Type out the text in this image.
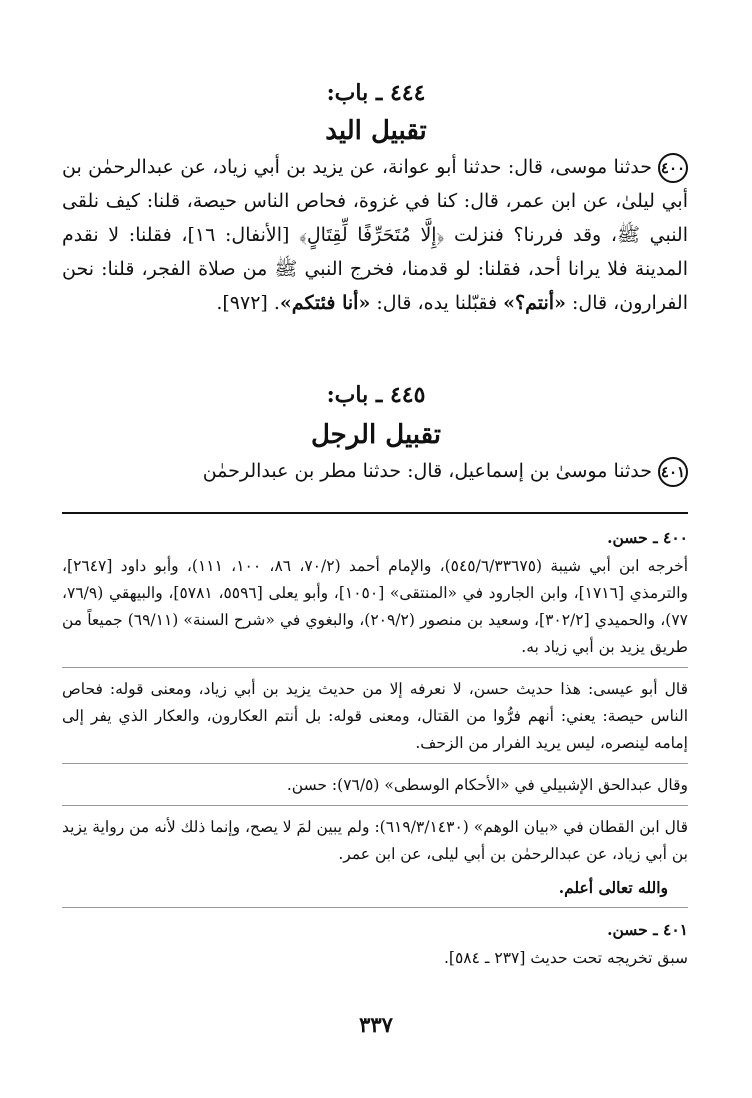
٤٤٤ ـ باب:
تقبيل اليد
٤٠٠حدثنا موسى، قال: حدثنا أبو عوانة، عن يزيد بن أبي زياد، عن عبدالرحمٰن بن أبي ليلىٰ، عن ابن عمر، قال: كنا في غزوة، فحاص الناس حيصة، قلنا: كيف نلقى النبي ﷺ، وقد فررنا؟ فنزلت ﴿إِلَّا مُتَحَرِّفًا لِّقِتَالٍ﴾ [الأنفال: ١٦]، فقلنا: لا نقدم المدينة فلا يرانا أحد، فقلنا: لو قدمنا، فخرج النبي ﷺ من صلاة الفجر، قلنا: نحن الفرارون، قال: «أنتم؟» فقبّلنا يده، قال: «أنا فئتكم». [٩٧٢].
٤٤٥ ـ باب:
تقبيل الرجل
٤٠١حدثنا موسىٰ بن إسماعيل، قال: حدثنا مطر بن عبدالرحمٰن

٤٠٠ ـ حسن.

أخرجه ابن أبي شيبة (٥٤٥/٦/٣٣٦٧٥)، والإمام أحمد (٧٠/٢، ٨٦، ١٠٠، ١١١)، وأبو داود [٢٦٤٧]، والترمذي [١٧١٦]، وابن الجارود في «المنتقى» [١٠٥٠]، وأبو يعلى [٥٥٩٦، ٥٧٨١]، والبيهقي (٧٦/٩، ٧٧)، والحميدي [٣٠٢/٢]، وسعيد بن منصور (٢٠٩/٢)، والبغوي في «شرح السنة» (٦٩/١١) جميعاً من طريق يزيد بن أبي زياد به.

قال أبو عيسى: هذا حديث حسن، لا نعرفه إلا من حديث يزيد بن أبي زياد، ومعنى قوله: فحاص الناس حيصة: يعني: أنهم فرُّوا من القتال، ومعنى قوله: بل أنتم العكارون، والعكار الذي يفر إلى إمامه لينصره، ليس يريد الفرار من الزحف.

وقال عبدالحق الإشبيلي في «الأحكام الوسطى» (٧٦/٥): حسن.

قال ابن القطان في «بيان الوهم» (٦١٩/٣/١٤٣٠): ولم يبين لمَ لا يصح، وإنما ذلك لأنه من رواية يزيد بن أبي زياد، عن عبدالرحمٰن بن أبي ليلى، عن ابن عمر.

والله تعالى أعلم.

٤٠١ ـ حسن.

سبق تخريجه تحت حديث [٢٣٧ ـ ٥٨٤].

٣٣٧
